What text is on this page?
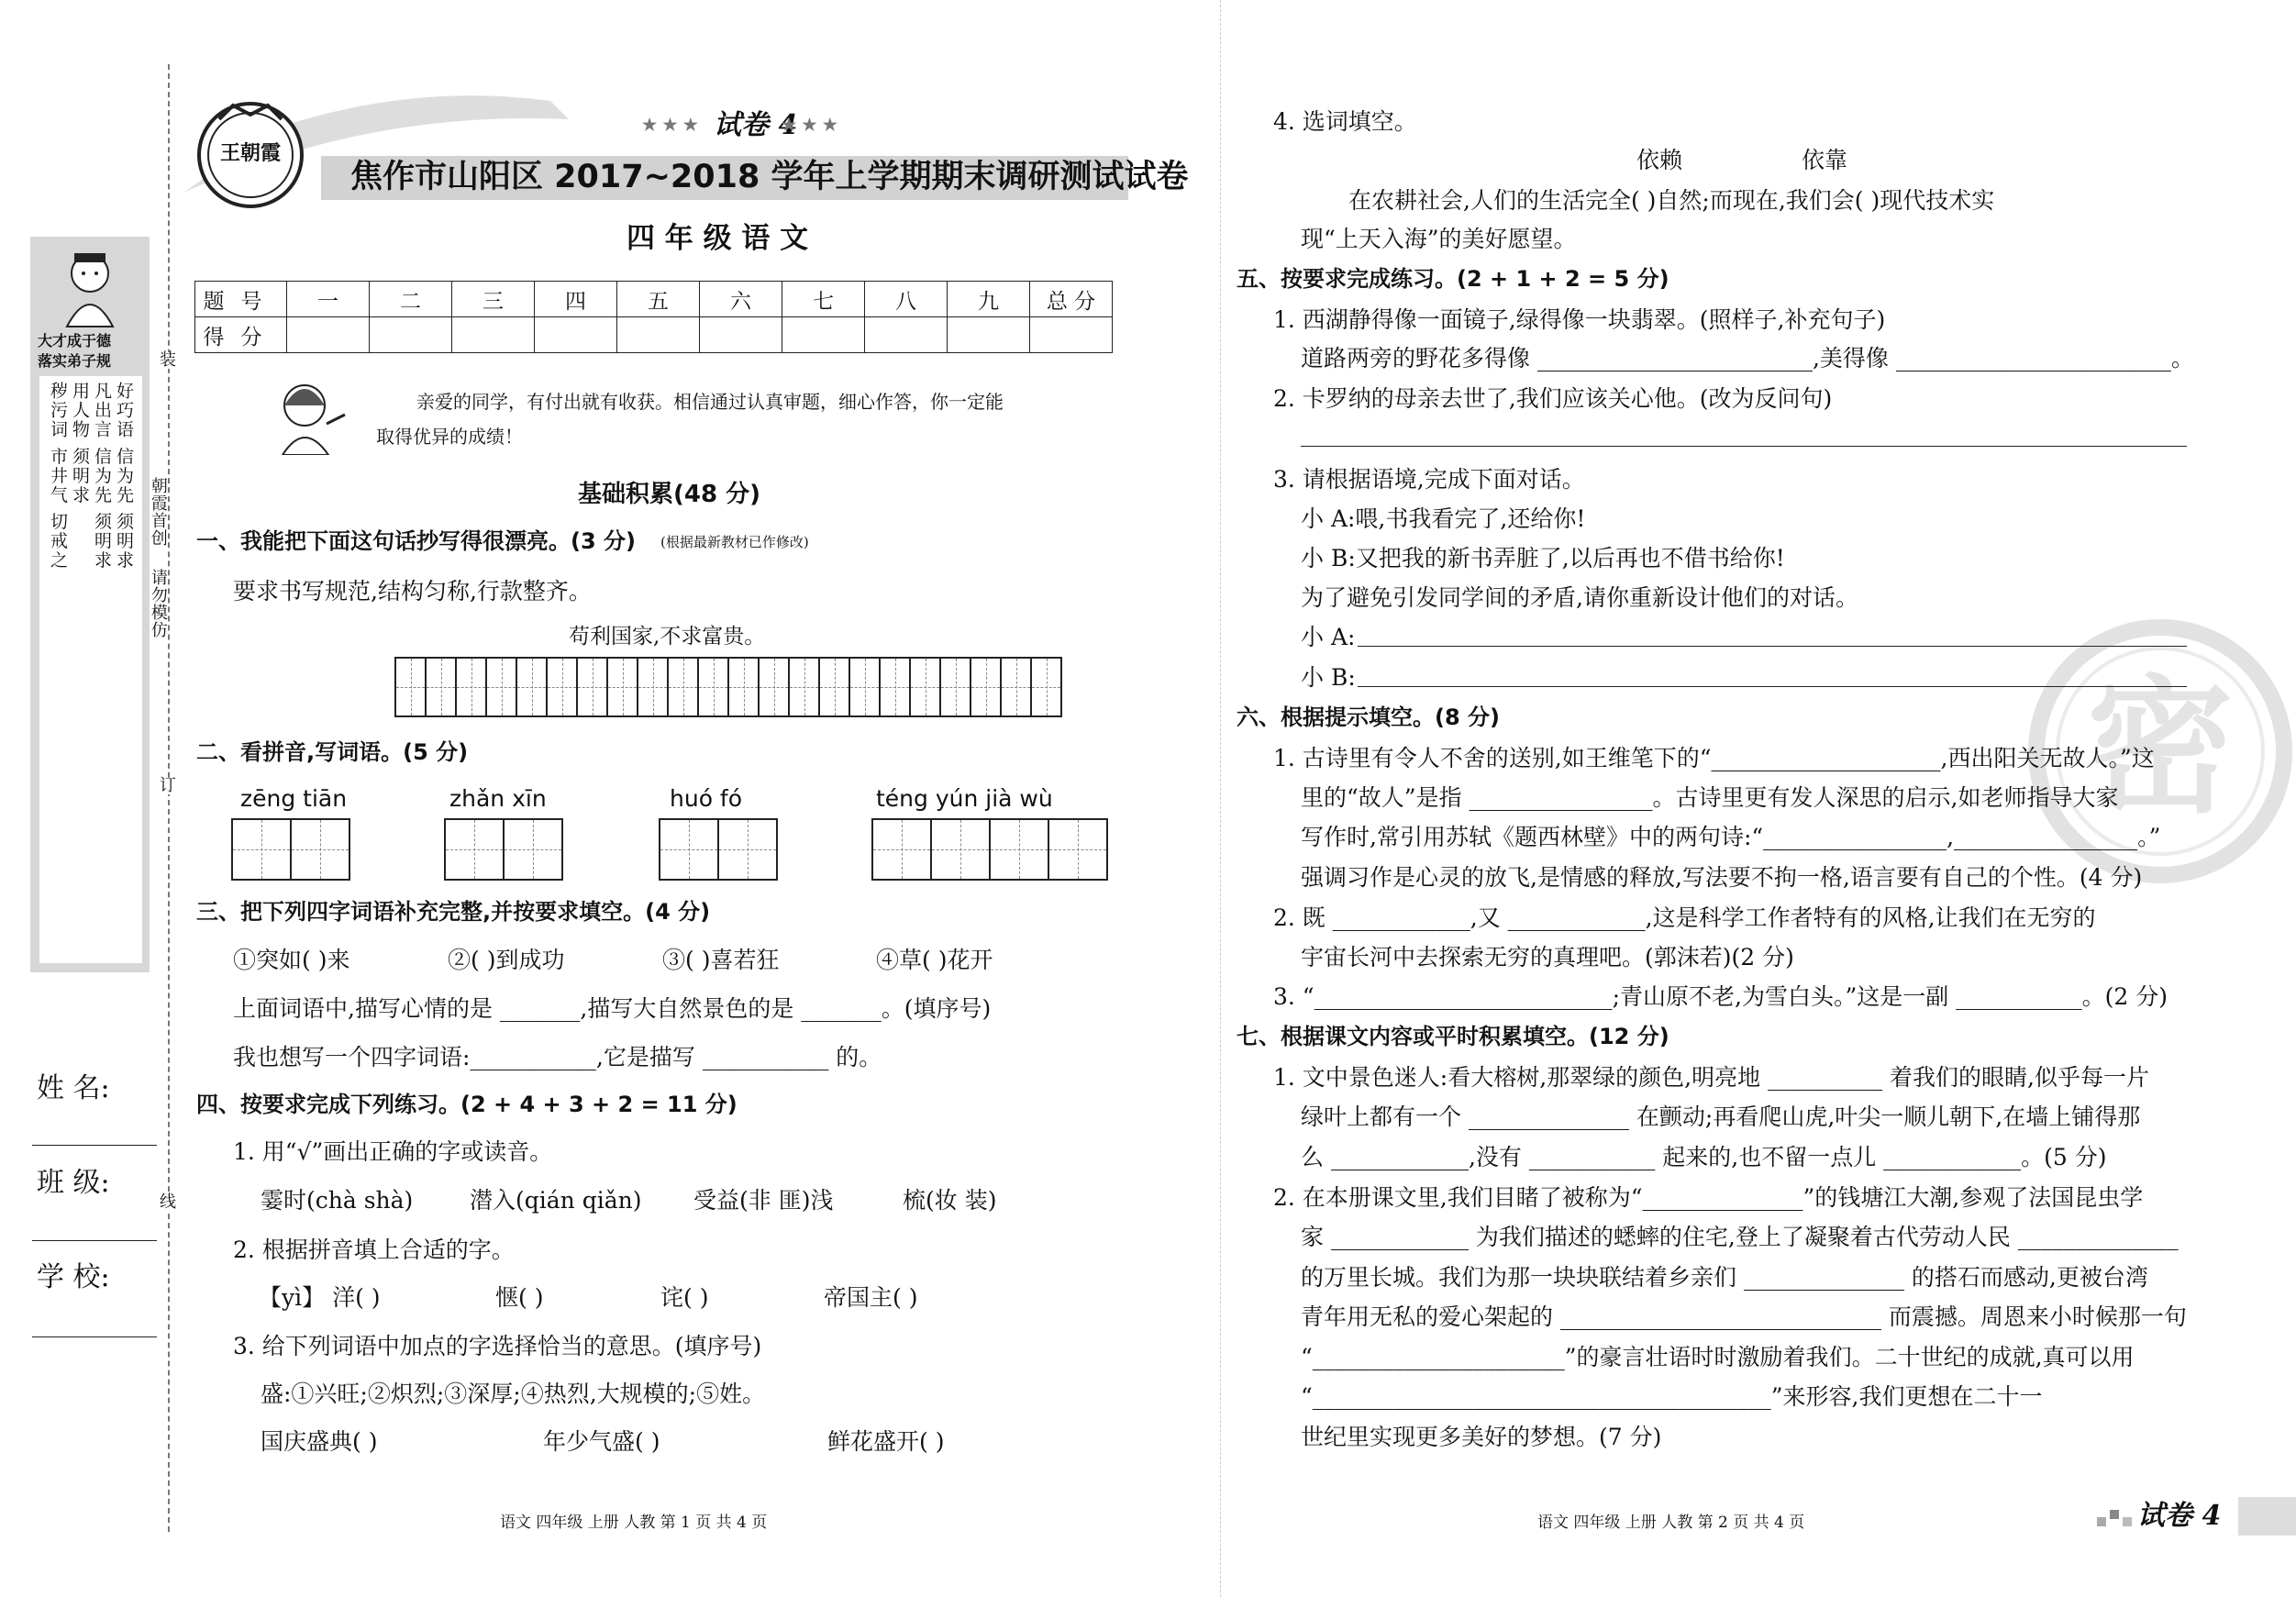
大才成于德
落实弟子规
好巧语 信为先 须明求
凡出言 信为先 须明求
用人物 须明求
秽污词 市井气 切戒之	朝霞首创
请勿模仿
装
订
线
姓 名:
班 级:
学 校:
王朝霞
试卷 4
★ ★ ★	★ ★ ★
焦作市山阳区 2017~2018 学年上学期期末调研测试试卷
四 年 级 语 文
题号	一	二	三	四	五	六	七	八	九	总 分
得分										
亲爱的同学，有付出就有收获。相信通过认真审题，细心作答，你一定能
取得优异的成绩！
基础积累(48 分)
一、我能把下面这句话抄写得很漂亮。(3 分) (根据最新教材已作修改)
要求书写规范,结构匀称,行款整齐。
苟利国家,不求富贵。
二、看拼音,写词语。(5 分)
zēng tiān	zhǎn xīn	huó fó	téng yún jià wù
三、把下列四字词语补充完整,并按要求填空。(4 分)
①突如( )来	②( )到成功	③( )喜若狂	④草( )花开
上面词语中,描写心情的是 _______,描写大自然景色的是 _______。(填序号)
我也想写一个四字词语:___________,它是描写 ___________ 的。
四、按要求完成下列练习。(2 + 4 + 3 + 2 = 11 分)
1. 用“√”画出正确的字或读音。
霎时(chà shà) 潜入(qián qiǎn) 受益(非 匪)浅	梳(妆 装)
2. 根据拼音填上合适的字。
【yì】 洋( )	惬( )	诧( )	帝国主( )
3. 给下列词语中加点的字选择恰当的意思。(填序号)
盛:①兴旺;②炽烈;③深厚;④热烈,大规模的;⑤姓。
国庆盛典( )	年少气盛( )	鲜花盛开( )
语文 四年级 上册 人教 第 1 页 共 4 页
密
4. 选词填空。
依赖	依靠
在农耕社会,人们的生活完全( )自然;而现在,我们会( )现代技术实
现“上天入海”的美好愿望。
五、按要求完成练习。(2 + 1 + 2 = 5 分)
1. 西湖静得像一面镜子,绿得像一块翡翠。(照样子,补充句子)
道路两旁的野花多得像 ________________________,美得像 ________________________。
2. 卡罗纳的母亲去世了,我们应该关心他。(改为反问句)
3. 请根据语境,完成下面对话。
小 A:喂,书我看完了,还给你!
小 B:又把我的新书弄脏了,以后再也不借书给你!
为了避免引发同学间的矛盾,请你重新设计他们的对话。
小 A:
小 B:
六、根据提示填空。(8 分)
1. 古诗里有令人不舍的送别,如王维笔下的“____________________,西出阳关无故人。”这
里的“故人”是指 ________________。古诗里更有发人深思的启示,如老师指导大家
写作时,常引用苏轼《题西林壁》中的两句诗:“________________,________________。”
强调习作是心灵的放飞,是情感的释放,写法要不拘一格,语言要有自己的个性。(4 分)
2. 既 ____________,又 ____________,这是科学工作者特有的风格,让我们在无穷的
宇宙长河中去探索无穷的真理吧。(郭沫若)(2 分)
3. “__________________________;青山原不老,为雪白头。”这是一副 ___________。(2 分)
七、根据课文内容或平时积累填空。(12 分)
1. 文中景色迷人:看大榕树,那翠绿的颜色,明亮地 __________ 着我们的眼睛,似乎每一片
绿叶上都有一个 ______________ 在颤动;再看爬山虎,叶尖一顺儿朝下,在墙上铺得那
么 ____________,没有 ___________ 起来的,也不留一点儿 ____________。(5 分)
2. 在本册课文里,我们目睹了被称为“______________”的钱塘江大潮,参观了法国昆虫学
家 ____________ 为我们描述的蟋蟀的住宅,登上了凝聚着古代劳动人民 ______________
的万里长城。我们为那一块块联结着乡亲们 ______________ 的搭石而感动,更被台湾
青年用无私的爱心架起的 ____________________________ 而震撼。周恩来小时候那一句
“______________________”的豪言壮语时时激励着我们。二十世纪的成就,真可以用
“________________________________________”来形容,我们更想在二十一
世纪里实现更多美好的梦想。(7 分)
语文 四年级 上册 人教 第 2 页 共 4 页	试卷 4
